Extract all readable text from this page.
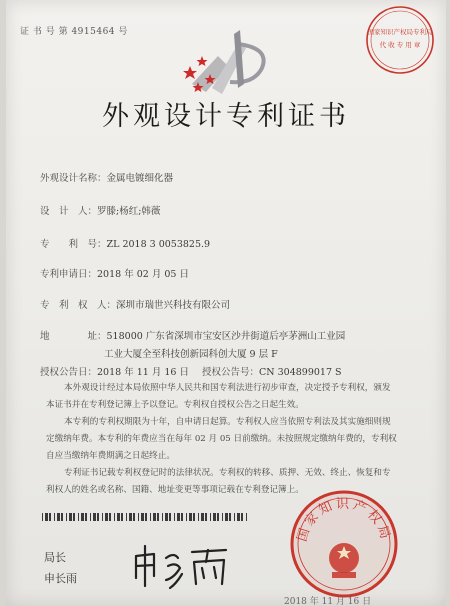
证 书 号 第 4915464 号	国家知识产权局专利局
代 收 专 用 章
外观设计专利证书
外观设计名称：金属电镀细化器
设　计　人：罗滕;杨红;韩薇
专　　利　号：ZL 2018 3 0053825.9
专利申请日：2018 年 02 月 05 日
专　利　权　人：深圳市瑞世兴科技有限公司
地　　　　址：518000 广东省深圳市宝安区沙井街道后亭茅洲山工业园
工业大厦全至科技创新园科创大厦 9 层 F
授权公告日：2018 年 11 月 16 日 授权公告号：CN 304899017 S
本外观设计经过本局依照中华人民共和国专利法进行初步审查，决定授予专利权，颁发
本证书并在专利登记簿上予以登记。专利权自授权公告之日起生效。
本专利的专利权期限为十年，自申请日起算。专利权人应当依照专利法及其实施细则规
定缴纳年费。本专利的年费应当在每年 02 月 05 日前缴纳。未按照规定缴纳年费的，专利权
自应当缴纳年费期满之日起终止。
专利证书记载专利权登记时的法律状况。专利权的转移、质押、无效、终止、恢复和专
利权人的姓名或名称、国籍、地址变更等事项记载在专利登记簿上。
局长
申长雨
国家知识产权局
2018 年 11 月 16 日
